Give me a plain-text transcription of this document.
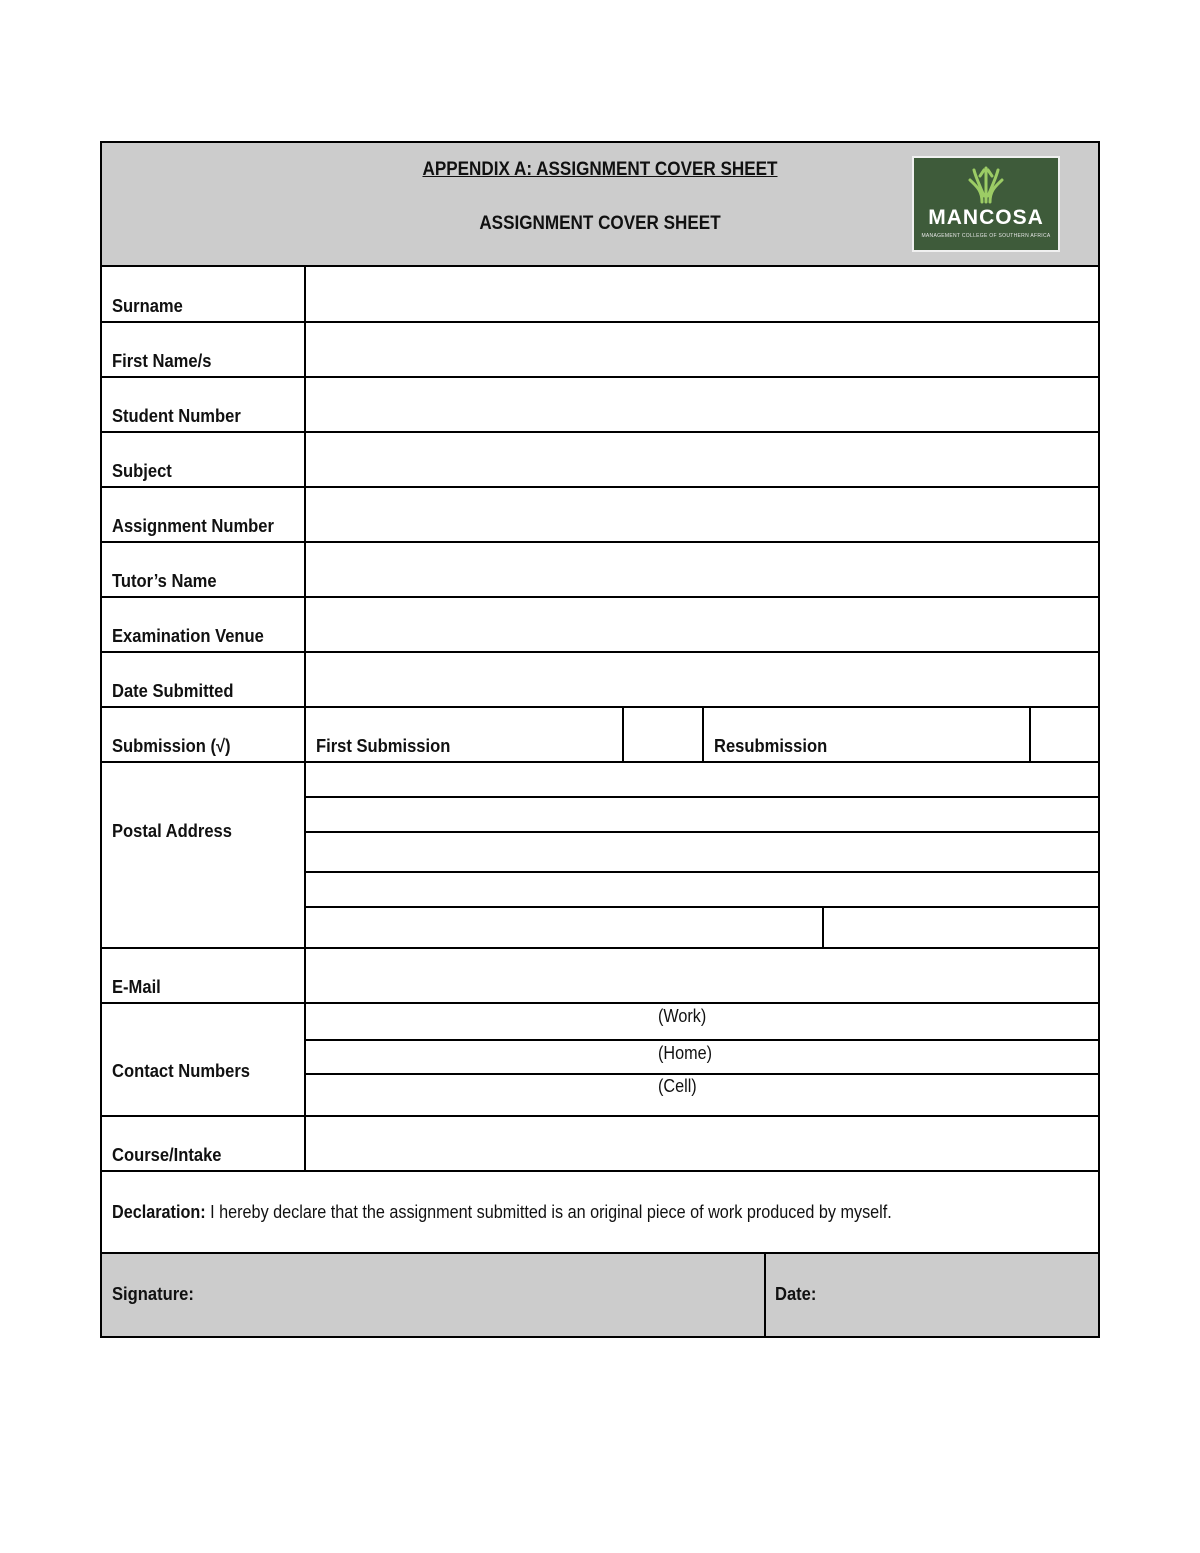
APPENDIX A: ASSIGNMENT COVER SHEET
ASSIGNMENT COVER SHEET	MANCOSA
MANAGEMENT COLLEGE OF SOUTHERN AFRICA
Surname
First Name/s
Student Number
Subject
Assignment Number
Tutor’s Name
Examination Venue
Date Submitted
Submission (√)	First Submission	Resubmission
Postal Address
E-Mail
Contact Numbers
(Work)
(Home)
(Cell)
Course/Intake
Declaration: I hereby declare that the assignment submitted is an original piece of work produced by myself.
Signature:	Date:
